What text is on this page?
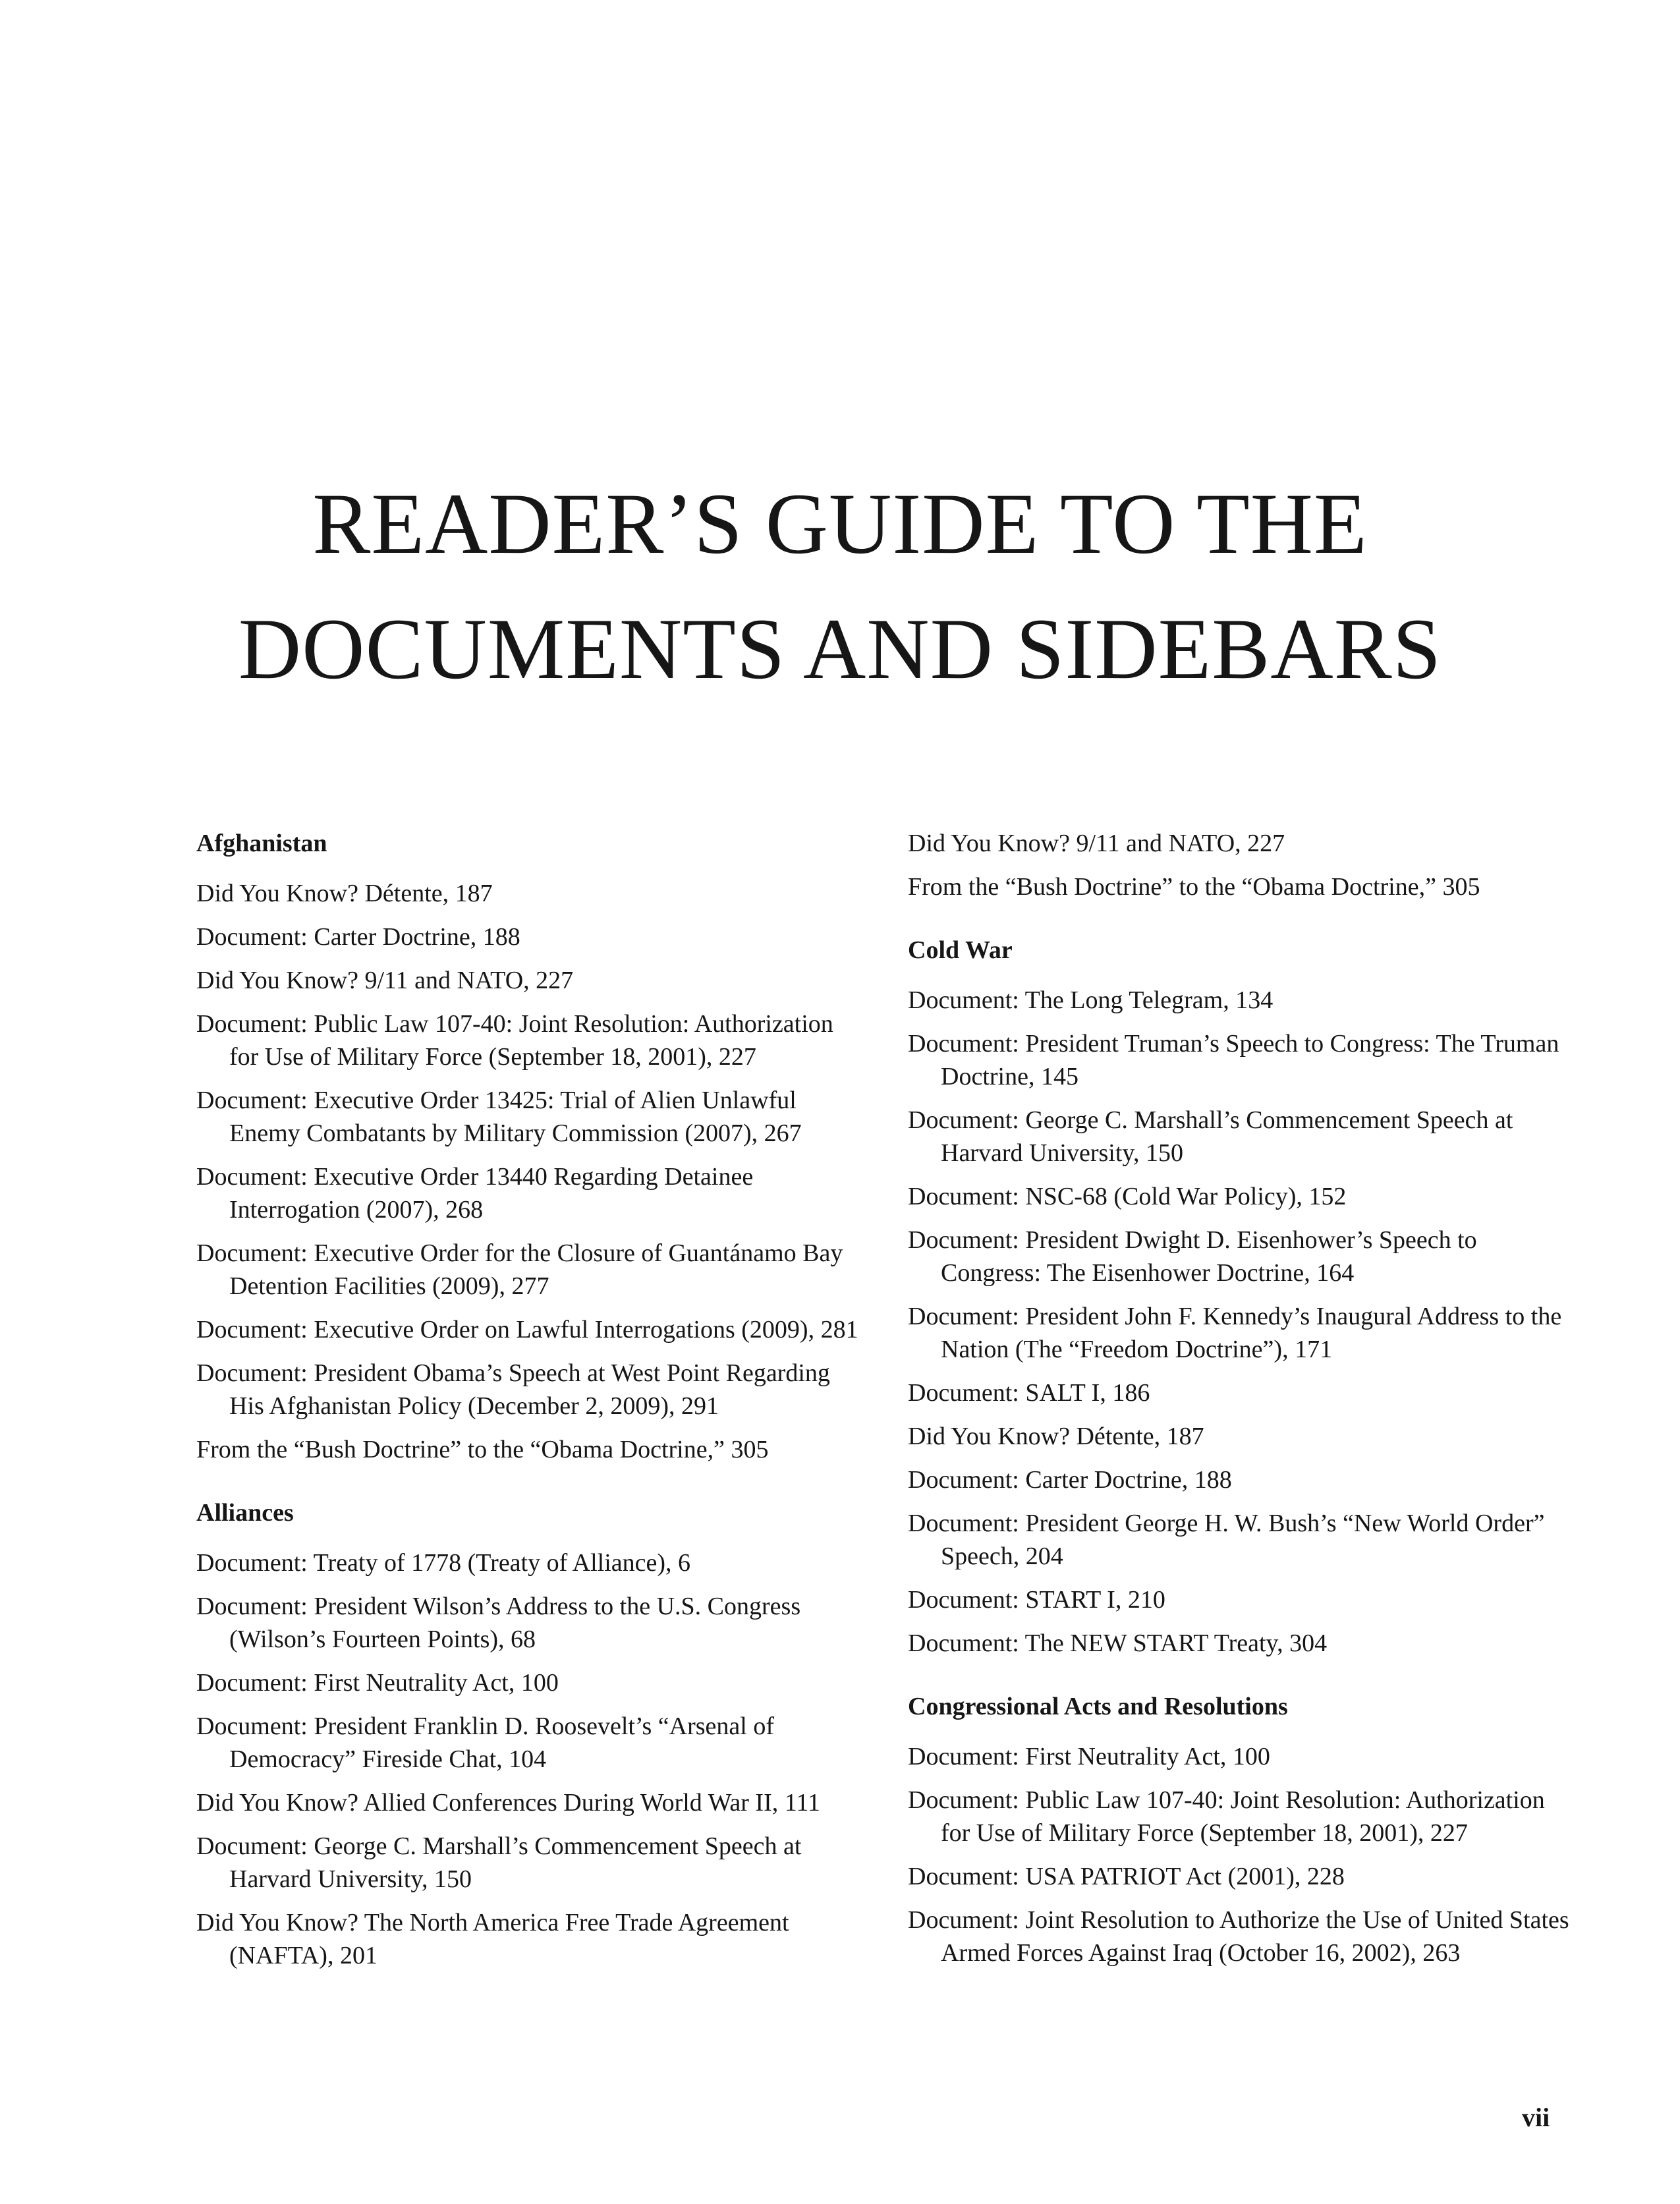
READER’S GUIDE TO THE
DOCUMENTS AND SIDEBARS
Afghanistan
Did You Know? Détente, 187
Document: Carter Doctrine, 188
Did You Know? 9/11 and NATO, 227
Document: Public Law 107-40: Joint Resolution: Authorization for Use of Military Force (September 18, 2001), 227
Document: Executive Order 13425: Trial of Alien Unlawful Enemy Combatants by Military Commission (2007), 267
Document: Executive Order 13440 Regarding Detainee Interrogation (2007), 268
Document: Executive Order for the Closure of Guantánamo Bay Detention Facilities (2009), 277
Document: Executive Order on Lawful Interrogations (2009), 281
Document: President Obama’s Speech at West Point Regarding His Afghanistan Policy (December 2, 2009), 291
From the “Bush Doctrine” to the “Obama Doctrine,” 305
Alliances
Document: Treaty of 1778 (Treaty of Alliance), 6
Document: President Wilson’s Address to the U.S. Congress (Wilson’s Fourteen Points), 68
Document: First Neutrality Act, 100
Document: President Franklin D. Roosevelt’s “Arsenal of Democracy” Fireside Chat, 104
Did You Know? Allied Conferences During World War II, 111
Document: George C. Marshall’s Commencement Speech at Harvard University, 150
Did You Know? The North America Free Trade Agreement (NAFTA), 201
Did You Know? 9/11 and NATO, 227
From the “Bush Doctrine” to the “Obama Doctrine,” 305
Cold War
Document: The Long Telegram, 134
Document: President Truman’s Speech to Congress: The Truman Doctrine, 145
Document: George C. Marshall’s Commencement Speech at Harvard University, 150
Document: NSC-68 (Cold War Policy), 152
Document: President Dwight D. Eisenhower’s Speech to Congress: The Eisenhower Doctrine, 164
Document: President John F. Kennedy’s Inaugural Address to the Nation (The “Freedom Doctrine”), 171
Document: SALT I, 186
Did You Know? Détente, 187
Document: Carter Doctrine, 188
Document: President George H. W. Bush’s “New World Order” Speech, 204
Document: START I, 210
Document: The NEW START Treaty, 304
Congressional Acts and Resolutions
Document: First Neutrality Act, 100
Document: Public Law 107-40: Joint Resolution: Authorization for Use of Military Force (September 18, 2001), 227
Document: USA PATRIOT Act (2001), 228
Document: Joint Resolution to Authorize the Use of United States Armed Forces Against Iraq (October 16, 2002), 263
vii
